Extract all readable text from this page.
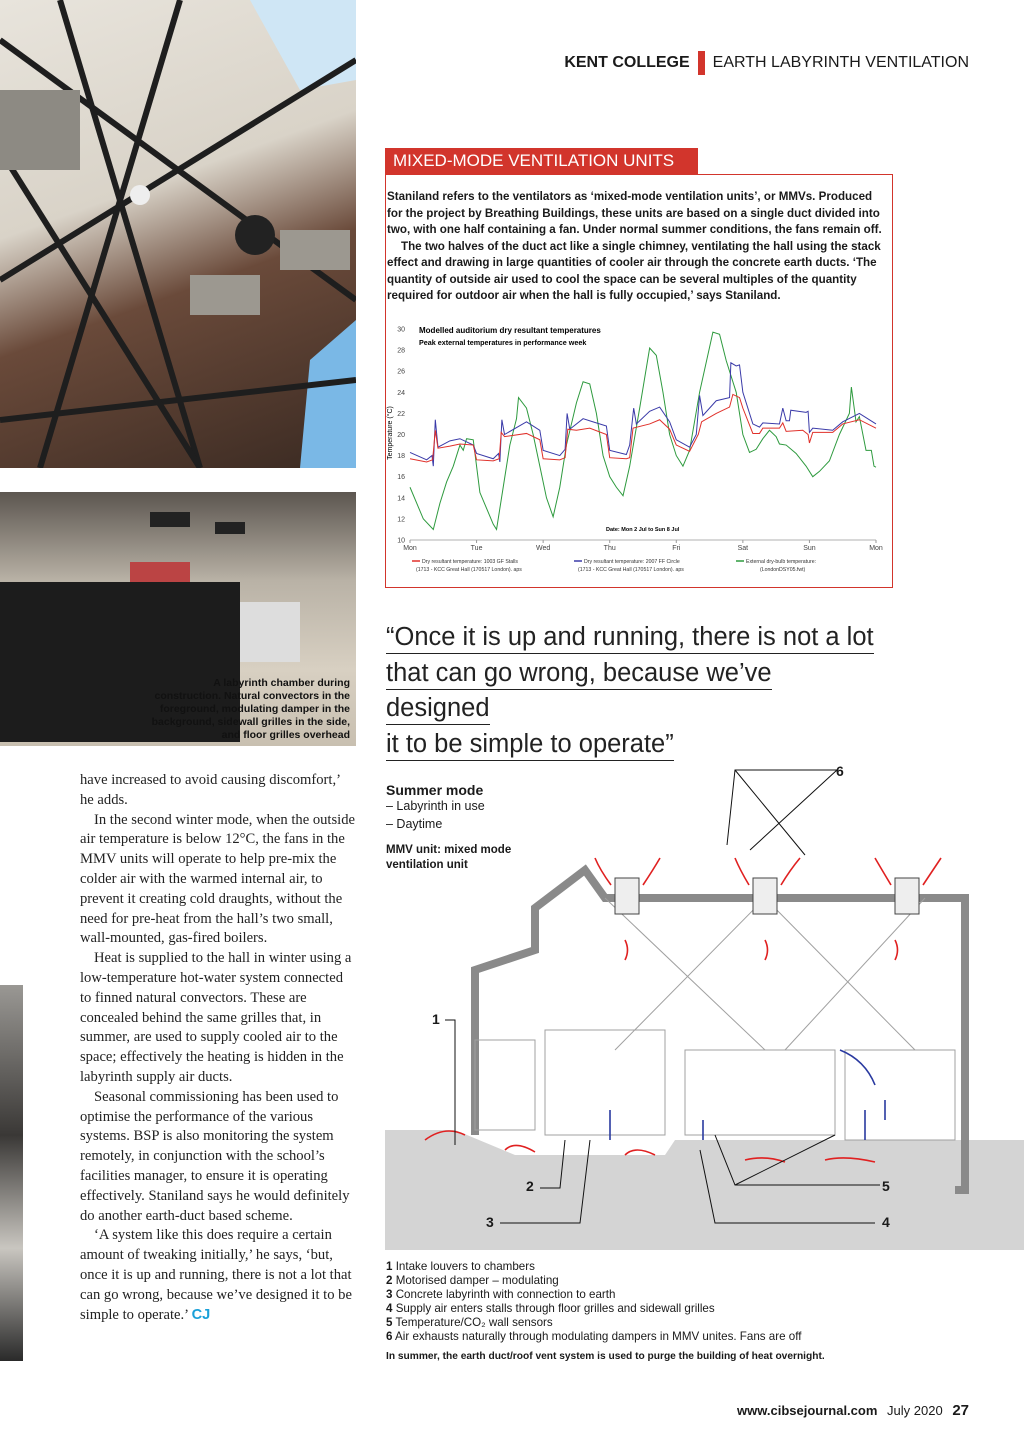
A labyrinth chamber during construction. Natural convectors in the foreground, modulating damper in the background, sidewall grilles in the side, and floor grilles overhead
KENT COLLEGE EARTH LABYRINTH VENTILATION
MIXED-MODE VENTILATION UNITS

Staniland refers to the ventilators as ‘mixed-mode ventilation units’, or MMVs. Produced for the project by Breathing Buildings, these units are based on a single duct divided into two, with one half containing a fan. Under normal summer conditions, the fans remain off.

The two halves of the duct act like a single chimney, ventilating the hall using the stack effect and drawing in large quantities of cooler air through the concrete earth ducts. ‘The quantity of outside air used to cool the space can be several multiples of the quantity required for outdoor air when the hall is fully occupied,’ says Staniland.

10
12
14
16
18
20
22
24
26
28
30
Mon	Tue	Wed	Thu	Fri	Sat	Sun	Mon
Modelled auditorium dry resultant temperatures
Peak external temperatures in performance week
Date: Mon 2 Jul to Sun 8 Jul
Temperature (°C)
Dry resultant temperature: 1003 GF Stalls
(1713 - KCC Great Hall (170517 London). aps
Dry resultant temperature: 2007 FF Circle
(1713 - KCC Great Hall (170517 London). aps
External dry-bulb temperature:
(LondonDSY05.fwt)
“Once it is up and running, there is not a lot
that can go wrong, because we’ve designed
it to be simple to operate”

have increased to avoid causing discomfort,’ he adds.

In the second winter mode, when the outside air temperature is below 12°C, the fans in the MMV units will operate to help pre-mix the colder air with the warmed internal air, to prevent it creating cold draughts, without the need for pre-heat from the hall’s two small, wall-mounted, gas-fired boilers.

Heat is supplied to the hall in winter using a low-temperature hot-water system connected to finned natural convectors. These are concealed behind the same grilles that, in summer, are used to supply cooled air to the space; effectively the heating is hidden in the labyrinth supply air ducts.

Seasonal commissioning has been used to optimise the performance of the various systems. BSP is also monitoring the system remotely, in conjunction with the school’s facilities manager, to ensure it is operating effectively. Staniland says he would definitely do another earth-duct based scheme.

‘A system like this does require a certain amount of tweaking initially,’ he says, ‘but, once it is up and running, there is not a lot that can go wrong, because we’ve designed it to be simple to operate.’ CJ

6
1
2
3	4
5
Summer mode
– Labyrinth in use
– Daytime
MMV unit: mixed mode
ventilation unit
1 Intake louvers to chambers
2 Motorised damper – modulating
3 Concrete labyrinth with connection to earth
4 Supply air enters stalls through floor grilles and sidewall grilles
5 Temperature/CO₂ wall sensors
6 Air exhausts naturally through modulating dampers in MMV unites. Fans are off
In summer, the earth duct/roof vent system is used to purge the building of heat overnight.
www.cibsejournal.com July 2020 27
